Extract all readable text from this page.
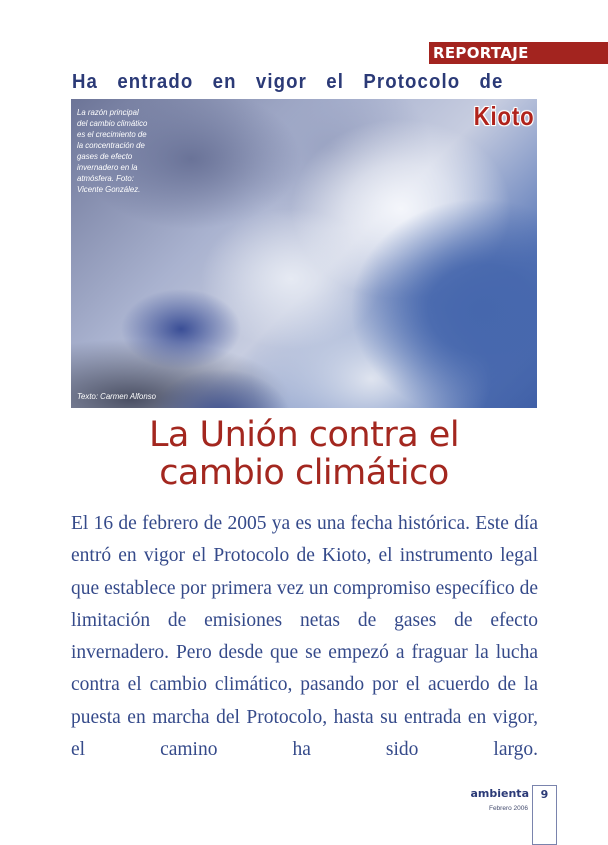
REPORTAJE
Ha entrado en vigor el Protocolo de
La razón principal del cambio climático es el crecimiento de la concentración de gases de efecto invernadero en la atmósfera. Foto: Vicente González.
Kioto
Texto: Carmen Alfonso
La Unión contra el
cambio climático

El 16 de febrero de 2005 ya es una fecha histórica. Este día entró en vigor el Protocolo de Kioto, el instrumento legal que establece por primera vez un compromiso específico de limitación de emisiones netas de gases de efecto invernadero. Pero desde que se empezó a fraguar la lucha contra el cambio climático, pasando por el acuerdo de la puesta en marcha del Protocolo, hasta su entrada en vigor, el camino ha sido largo.

ambienta
Febrero 2006
9
